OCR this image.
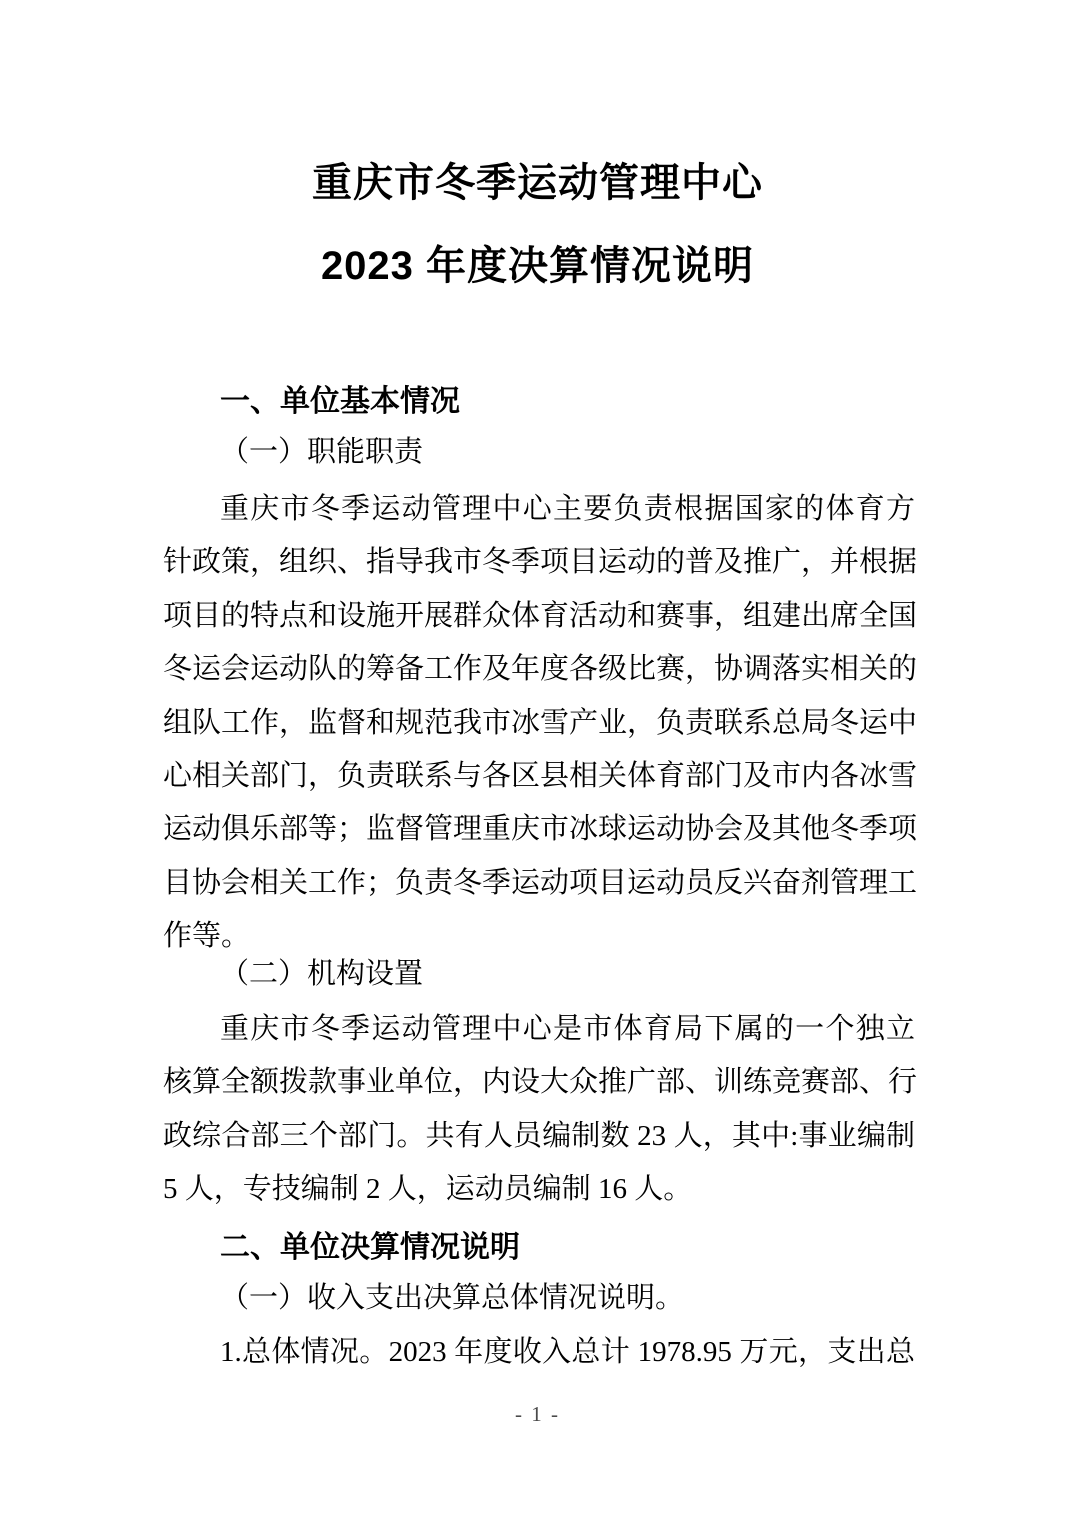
重庆市冬季运动管理中心
2023 年度决算情况说明
一、单位基本情况
（一）职能职责
重庆市冬季运动管理中心主要负责根据国家的体育方
针政策，组织、指导我市冬季项目运动的普及推广，并根据
项目的特点和设施开展群众体育活动和赛事，组建出席全国
冬运会运动队的筹备工作及年度各级比赛，协调落实相关的
组队工作，监督和规范我市冰雪产业，负责联系总局冬运中
心相关部门，负责联系与各区县相关体育部门及市内各冰雪
运动俱乐部等；监督管理重庆市冰球运动协会及其他冬季项
目协会相关工作；负责冬季运动项目运动员反兴奋剂管理工
作等。
（二）机构设置
重庆市冬季运动管理中心是市体育局下属的一个独立
核算全额拨款事业单位，内设大众推广部、训练竞赛部、行
政综合部三个部门。共有人员编制数 23 人，其中:事业编制
5 人，专技编制 2 人，运动员编制 16 人。
二、单位决算情况说明
（一）收入支出决算总体情况说明。
1.总体情况。2023 年度收入总计 1978.95 万元，支出总
- 1 -
